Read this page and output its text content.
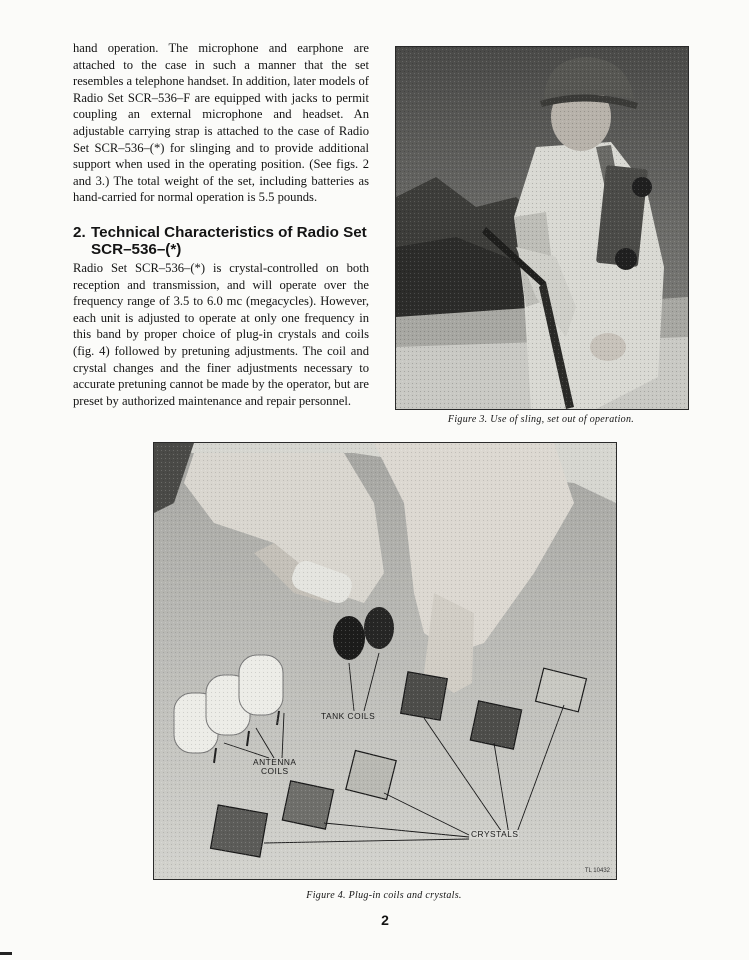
hand operation. The microphone and earphone are attached to the case in such a manner that the set resembles a telephone handset. In addition, later models of Radio Set SCR–536–F are equipped with jacks to permit coupling an external microphone and headset. An adjustable carrying strap is attached to the case of Radio Set SCR–536–(*) for slinging and to provide additional support when used in the operating position. (See figs. 2 and 3.) The total weight of the set, including batteries as hand-carried for normal operation is 5.5 pounds.

2. Technical Characteristics of Radio Set
SCR–536–(*)

Radio Set SCR–536–(*) is crystal-controlled on both reception and transmission, and will operate over the frequency range of 3.5 to 6.0 mc (megacycles). However, each unit is adjusted to operate at only one frequency in this band by proper choice of plug-in crystals and coils (fig. 4) followed by pretuning adjustments. The coil and crystal changes and the finer adjustments necessary to accurate pretuning cannot be made by the operator, but are preset by authorized maintenance and repair personnel.

Figure 3. Use of sling, set out of operation.
TANK COILS
ANTENNA
COILS
CRYSTALS
TL 10432
Figure 4. Plug-in coils and crystals.
2
